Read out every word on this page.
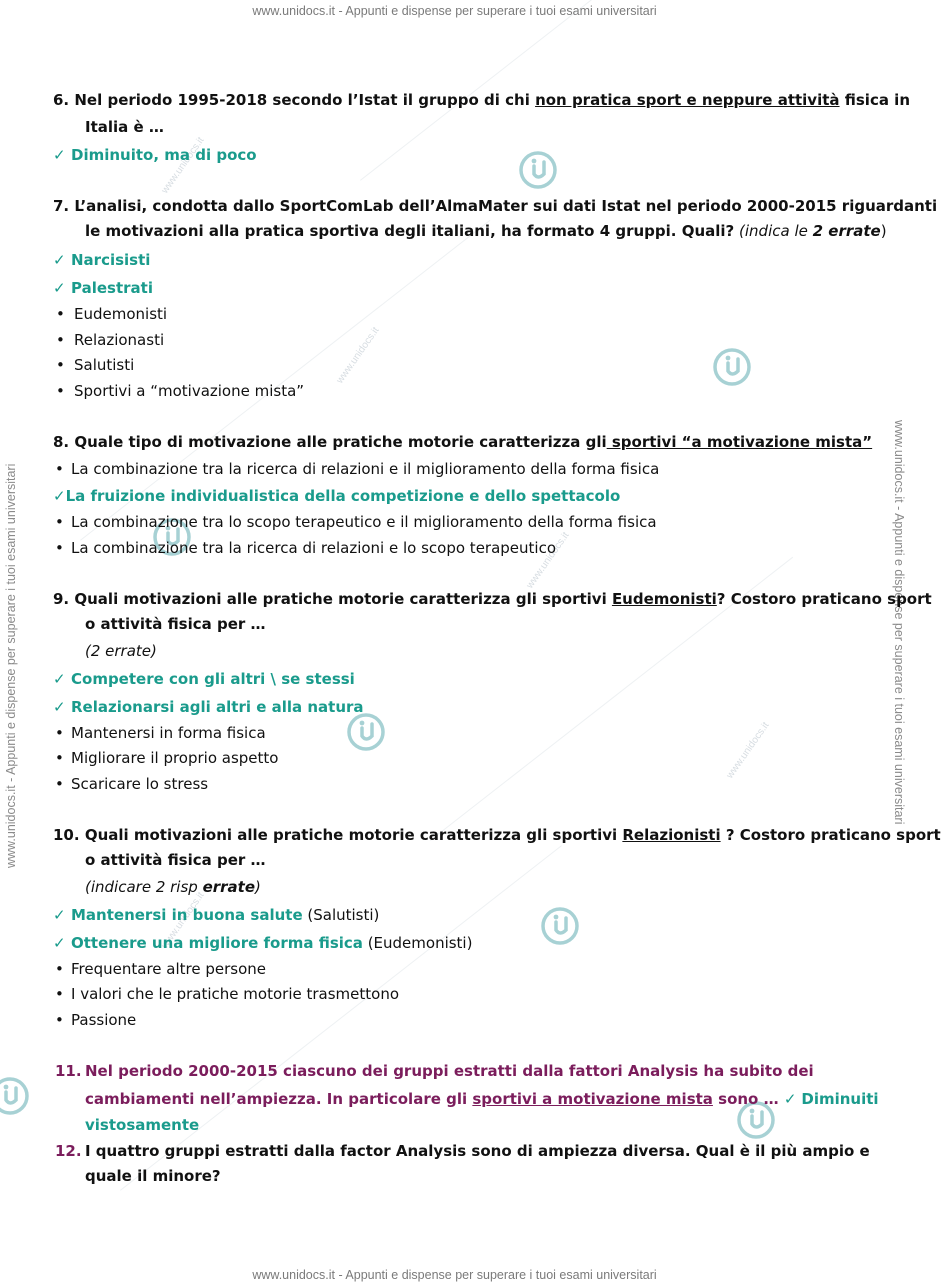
www.unidocs.it
www.unidocs.it
www.unidocs.it
www.unidocs.it
www.unidocs.it
www.unidocs.it - Appunti e dispense per superare i tuoi esami universitari
www.unidocs.it - Appunti e dispense per superare i tuoi esami universitari
www.unidocs.it - Appunti e dispense per superare i tuoi esami universitari	www.unidocs.it - Appunti e dispense per superare i tuoi esami universitari
6. Nel periodo 1995-2018 secondo l’Istat il gruppo di chi non pratica sport e neppure attività fisica in
Italia è …
✓ Diminuito, ma di poco
7. L’analisi, condotta dallo SportComLab dell’AlmaMater sui dati Istat nel periodo 2000-2015 riguardanti
le motivazioni alla pratica sportiva degli italiani, ha formato 4 gruppi. Quali? (indica le 2 errate)
✓ Narcisisti
✓ Palestrati
• Eudemonisti
• Relazionasti
• Salutisti
• Sportivi a “motivazione mista”
8. Quale tipo di motivazione alle pratiche motorie caratterizza gli sportivi “a motivazione mista”
• La combinazione tra la ricerca di relazioni e il miglioramento della forma fisica
✓La fruizione individualistica della competizione e dello spettacolo
• La combinazione tra lo scopo terapeutico e il miglioramento della forma fisica
• La combinazione tra la ricerca di relazioni e lo scopo terapeutico
9. Quali motivazioni alle pratiche motorie caratterizza gli sportivi Eudemonisti? Costoro praticano sport
o attività fisica per …
(2 errate)
✓ Competere con gli altri \ se stessi
✓ Relazionarsi agli altri e alla natura
• Mantenersi in forma fisica
• Migliorare il proprio aspetto
• Scaricare lo stress
10. Quali motivazioni alle pratiche motorie caratterizza gli sportivi Relazionisti ? Costoro praticano sport
o attività fisica per …
(indicare 2 risp errate)
✓ Mantenersi in buona salute (Salutisti)
✓ Ottenere una migliore forma fisica (Eudemonisti)
• Frequentare altre persone
• I valori che le pratiche motorie trasmettono
• Passione
11. Nel periodo 2000-2015 ciascuno dei gruppi estratti dalla fattori Analysis ha subito dei
cambiamenti nell’ampiezza. In particolare gli sportivi a motivazione mista sono … ✓ Diminuiti
vistosamente
12. I quattro gruppi estratti dalla factor Analysis sono di ampiezza diversa. Qual è il più ampio e
quale il minore?
